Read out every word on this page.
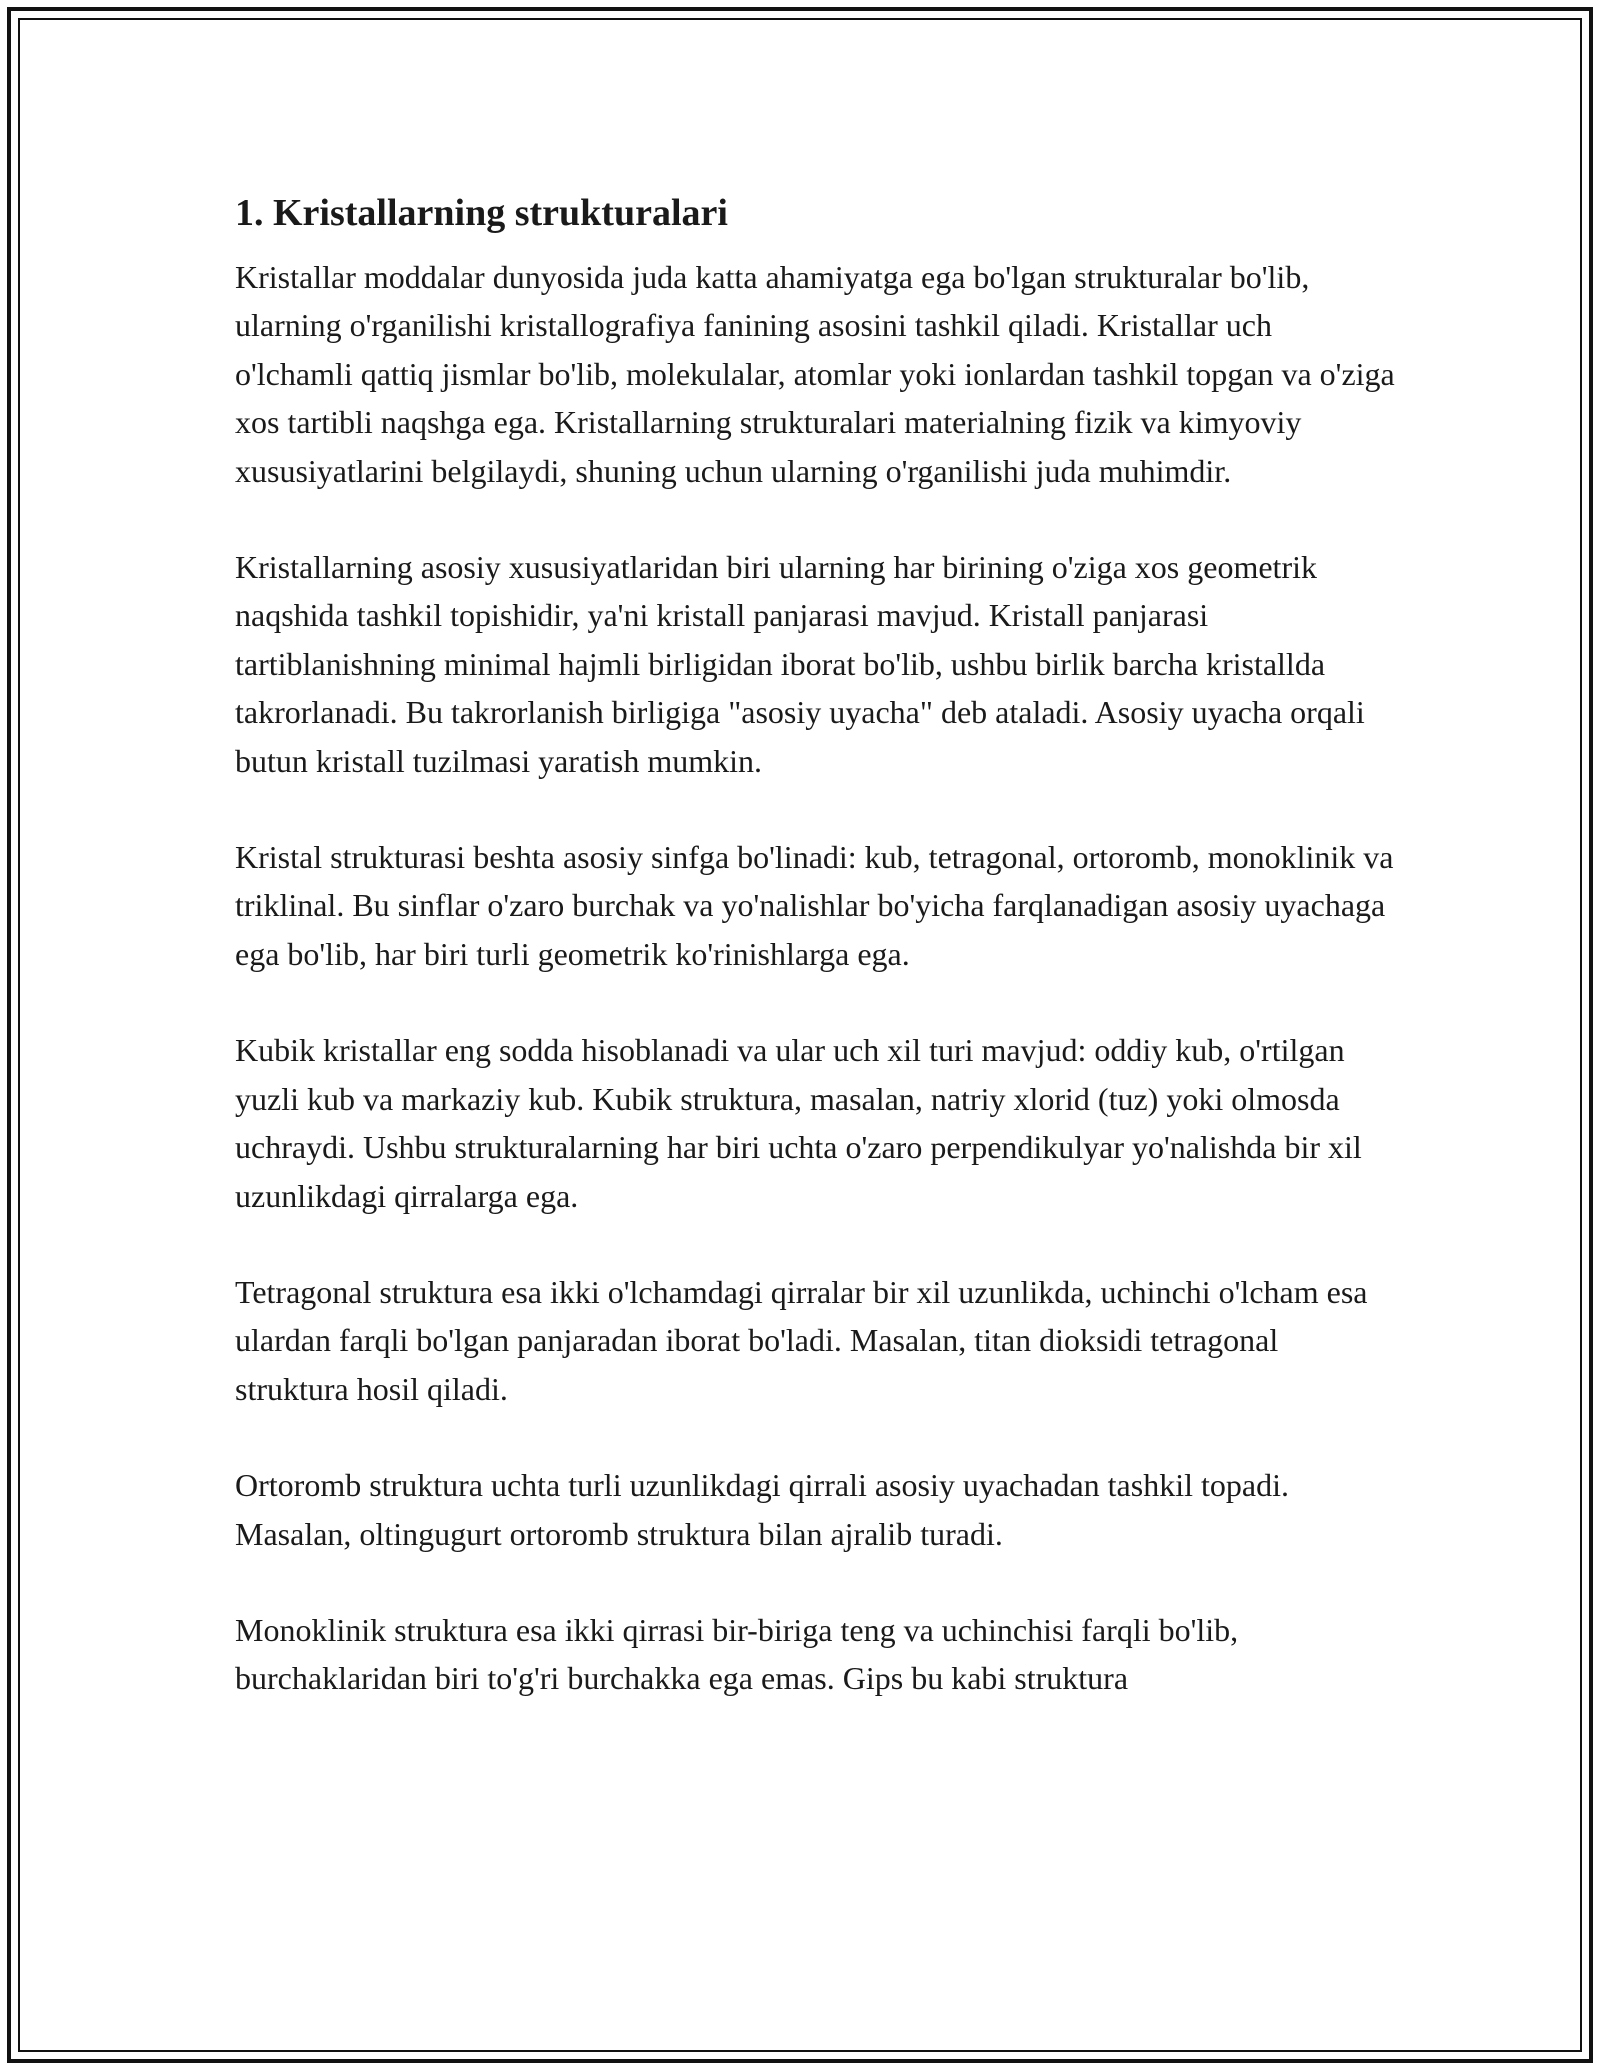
1. Kristallarning strukturalari

Kristallar moddalar dunyosida juda katta ahamiyatga ega bo'lgan strukturalar bo'lib, ularning o'rganilishi kristallografiya fanining asosini tashkil qiladi. Kristallar uch o'lchamli qattiq jismlar bo'lib, molekulalar, atomlar yoki ionlardan tashkil topgan va o'ziga xos tartibli naqshga ega. Kristallarning strukturalari materialning fizik va kimyoviy xususiyatlarini belgilaydi, shuning uchun ularning o'rganilishi juda muhimdir.

Kristallarning asosiy xususiyatlaridan biri ularning har birining o'ziga xos geometrik naqshida tashkil topishidir, ya'ni kristall panjarasi mavjud. Kristall panjarasi tartiblanishning minimal hajmli birligidan iborat bo'lib, ushbu birlik barcha kristallda takrorlanadi. Bu takrorlanish birligiga "asosiy uyacha" deb ataladi. Asosiy uyacha orqali butun kristall tuzilmasi yaratish mumkin.

Kristal strukturasi beshta asosiy sinfga bo'linadi: kub, tetragonal, ortoromb, monoklinik va triklinal. Bu sinflar o'zaro burchak va yo'nalishlar bo'yicha farqlanadigan asosiy uyachaga ega bo'lib, har biri turli geometrik ko'rinishlarga ega.

Kubik kristallar eng sodda hisoblanadi va ular uch xil turi mavjud: oddiy kub, o'rtilgan yuzli kub va markaziy kub. Kubik struktura, masalan, natriy xlorid (tuz) yoki olmosda uchraydi. Ushbu strukturalarning har biri uchta o'zaro perpendikulyar yo'nalishda bir xil uzunlikdagi qirralarga ega.

Tetragonal struktura esa ikki o'lchamdagi qirralar bir xil uzunlikda, uchinchi o'lcham esa ulardan farqli bo'lgan panjaradan iborat bo'ladi. Masalan, titan dioksidi tetragonal struktura hosil qiladi.

Ortoromb struktura uchta turli uzunlikdagi qirrali asosiy uyachadan tashkil topadi. Masalan, oltingugurt ortoromb struktura bilan ajralib turadi.

Monoklinik struktura esa ikki qirrasi bir-biriga teng va uchinchisi farqli bo'lib, burchaklaridan biri to'g'ri burchakka ega emas. Gips bu kabi struktura
